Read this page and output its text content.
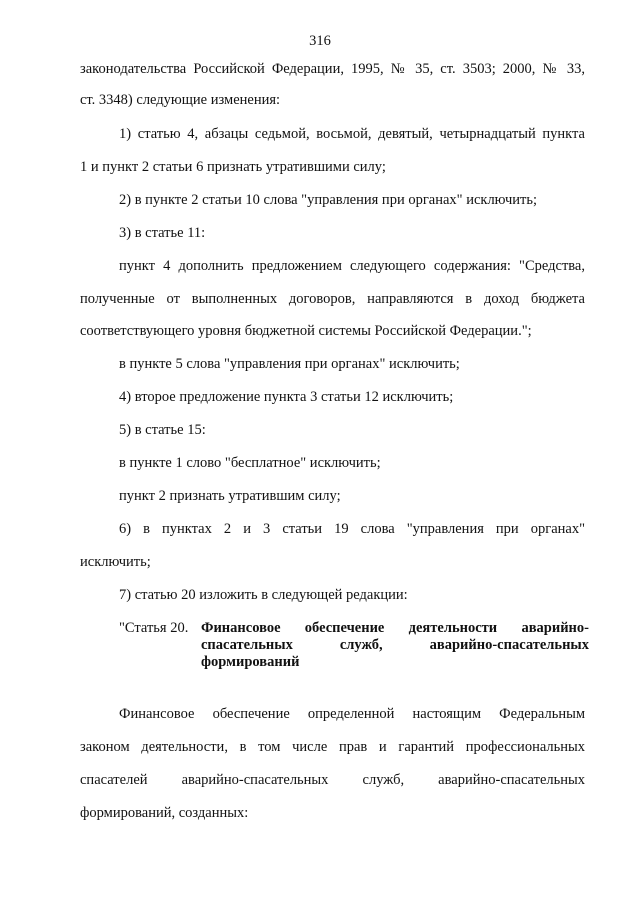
316
законодательства Российской Федерации, 1995, № 35, ст. 3503; 2000, № 33,
ст. 3348) следующие изменения:
1) статью 4, абзацы седьмой, восьмой, девятый, четырнадцатый пункта
1 и пункт 2 статьи 6 признать утратившими силу;
2) в пункте 2 статьи 10 слова "управления при органах" исключить;
3) в статье 11:
пункт 4 дополнить предложением следующего содержания: "Средства,
полученные от выполненных договоров, направляются в доход бюджета
соответствующего уровня бюджетной системы Российской Федерации.";
в пункте 5 слова "управления при органах" исключить;
4) второе предложение пункта 3 статьи 12 исключить;
5) в статье 15:
в пункте 1 слово "бесплатное" исключить;
пункт 2 признать утратившим силу;
6) в пунктах 2 и 3 статьи 19 слова "управления при органах"
исключить;
7) статью 20 изложить в следующей редакции:
"Статья 20. Финансовое обеспечение деятельности аварийно-
спасательных служб, аварийно-спасательных
формирований
Финансовое обеспечение определенной настоящим Федеральным
законом деятельности, в том числе прав и гарантий профессиональных
спасателей аварийно-спасательных служб, аварийно-спасательных
формирований, созданных:
